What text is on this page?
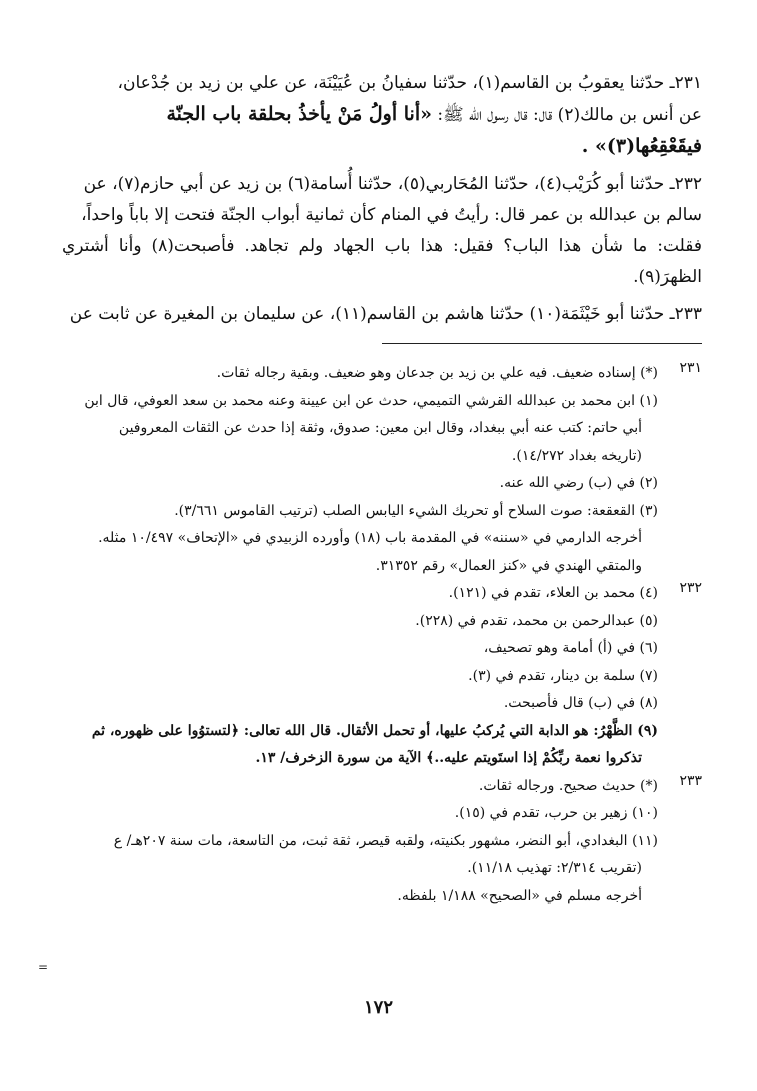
٢٣١ـ حدّثنا يعقوبُ بن القاسم(١)، حدّثنا سفيانُ بن عُيَيْنَة، عن علي بن زيد بن جُدْعان،
عن أنس بن مالك(٢) قال: قال رسول الله ﷺ: «أنا أولُ مَنْ يأخذُ بحلقة باب الجنّة
فيقَعْقِعُها(٣)» .

٢٣٢ـ حدّثنا أبو كُرَيْب(٤)، حدّثنا المُحَاربي(٥)، حدّثنا أُسامة(٦) بن زيد عن أبي حازم(٧)، عن
سالم بن عبدالله بن عمر قال: رأيتُ في المنام كأن ثمانية أبواب الجنّة فتحت إلا باباً واحداً،
فقلت: ما شأن هذا الباب؟ فقيل: هذا باب الجهاد ولم تجاهد. فأصبحت(٨) وأنا أشتري الظهرَ(٩).

٢٣٣ـ حدّثنا أبو خَيْثَمَة(١٠) حدّثنا هاشم بن القاسم(١١)، عن سليمان بن المغيرة عن ثابت عن

٢٣١

(*) إسناده ضعيف. فيه علي بن زيد بن جدعان وهو ضعيف. وبقية رجاله ثقات.

(١) ابن محمد بن عبدالله القرشي التميمي، حدث عن ابن عيينة وعنه محمد بن سعد العوفي، قال ابن

أبي حاتم: كتب عنه أبي ببغداد، وقال ابن معين: صدوق، وثقة إذا حدث عن الثقات المعروفين

(تاريخه بغداد ١٤/٢٧٢).

(٢) في (ب) رضي الله عنه.

(٣) القعقعة: صوت السلاح أو تحريك الشيء اليابس الصلب (ترتيب القاموس ٣/٦٦١).

أخرجه الدارمي في «سننه» في المقدمة باب (١٨) وأورده الزبيدي في «الإتحاف» ١٠/٤٩٧ مثله.

والمتقي الهندي في «كنز العمال» رقم ٣١٣٥٢.

٢٣٢

(٤) محمد بن العلاء، تقدم في (١٢١).

(٥) عبدالرحمن بن محمد، تقدم في (٢٢٨).

(٦) في (أ) أمامة وهو تصحيف،

(٧) سلمة بن دينار، تقدم في (٣).

(٨) في (ب) قال فأصبحت.

(٩) الظَّهْرُ: هو الدابة التي يُركبُ عليها، أو تحمل الأثقال. قال الله تعالى: ﴿لتستوُوا على ظهوره، ثم

تذكروا نعمة ربِّكُمْ إذا استَويتم عليه..﴾ الآية من سورة الزخرف/ ١٣.

٢٣٣

(*) حديث صحيح. ورجاله ثقات.

(١٠) زهير بن حرب، تقدم في (١٥).

(١١) البغدادي، أبو النضر، مشهور بكنيته، ولقبه قيصر، ثقة ثبت، من التاسعة، مات سنة ٢٠٧هـ/ ع

(تقريب ٢/٣١٤: تهذيب ١١/١٨).

أخرجه مسلم في «الصحيح» ١/١٨٨ بلفظه.

١٧٢
=
